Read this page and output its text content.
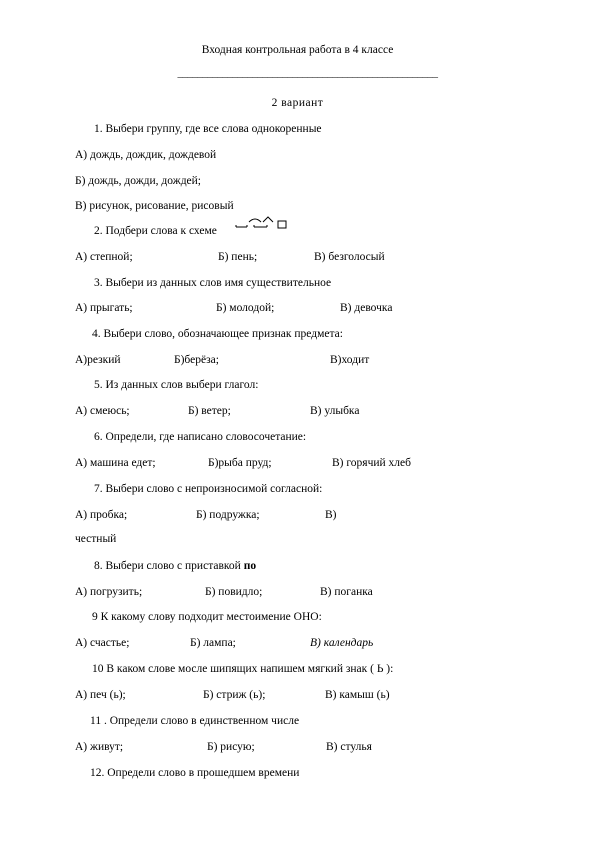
Входная контрольная работа в 4 классе
____________________________________________________
2 вариант
1. Выбери группу, где все слова однокоренные
А) дождь, дождик, дождевой
Б) дождь, дожди, дождей;
В) рисунок, рисование, рисовый
2. Подбери слова к схеме
А) степной;	Б) пень;	В) безголосый
3. Выбери из данных слов имя существительное
А) прыгать;	Б) молодой;	В) девочка
4. Выбери слово, обозначающее признак предмета:
А)резкий	Б)берёза;	В)ходит
5. Из данных слов выбери глагол:
А) смеюсь;	Б) ветер;	В) улыбка
6. Определи, где написано словосочетание:
А) машина едет;	Б)рыба пруд;	В) горячий хлеб
7. Выбери слово с непроизносимой согласной:
А) пробка;	Б) подружка;	В)
честный
8. Выбери слово с приставкой по
А) погрузить;	Б) повидло;	В) поганка
9 К какому слову подходит местоимение ОНО:
А) счастье;	Б) лампа;	В) календарь
10 В каком слове мосле шипящих напишем мягкий знак ( Ь ):
А) печ (ь);	Б) стриж (ь);	В) камыш (ь)
11 . Определи слово в единственном числе
А) живут;	Б) рисую;	В) стулья
12. Определи слово в прошедшем времени
